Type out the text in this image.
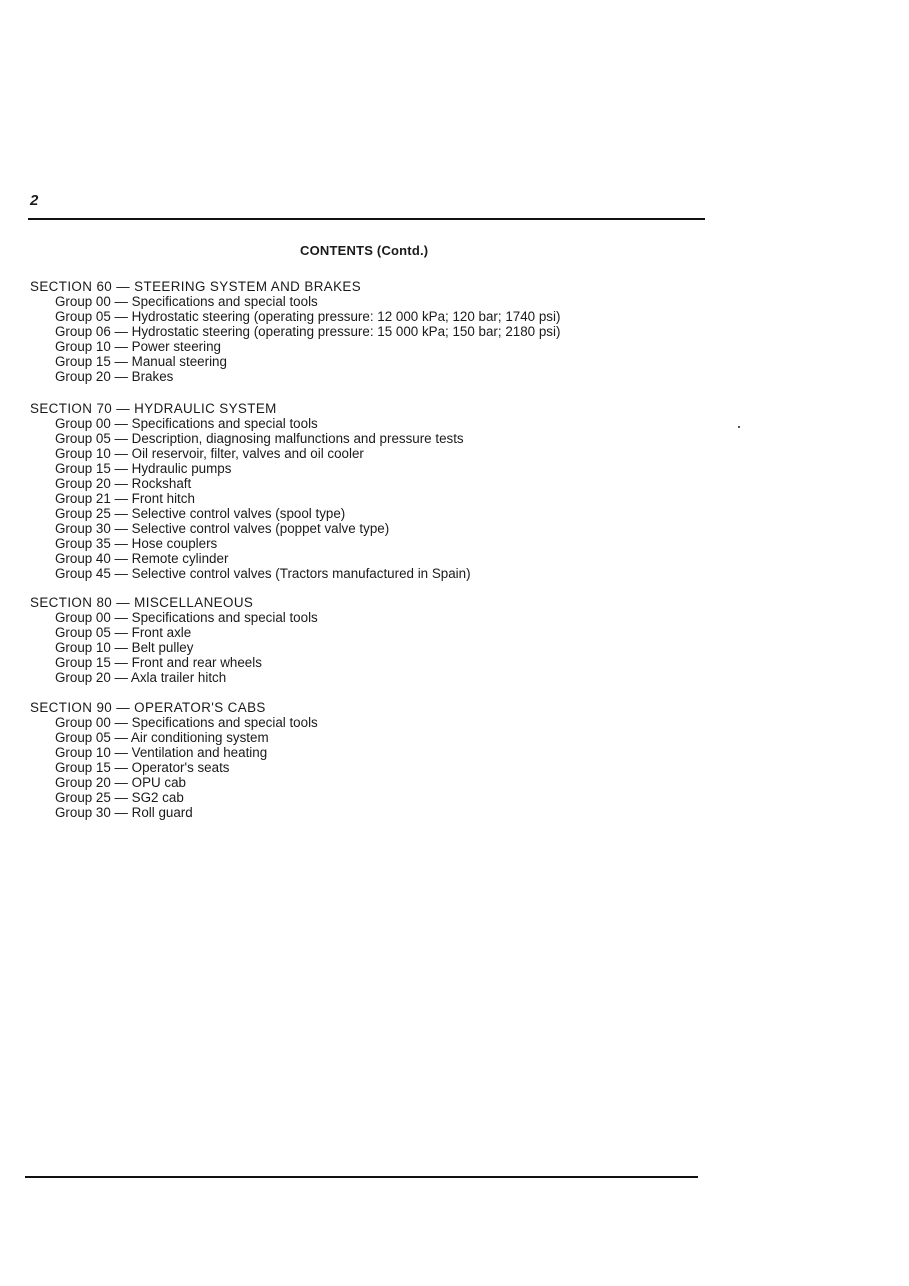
2
CONTENTS (Contd.)
SECTION 60 — STEERING SYSTEM AND BRAKES
Group 00 — Specifications and special tools
Group 05 — Hydrostatic steering (operating pressure: 12 000 kPa; 120 bar; 1740 psi)
Group 06 — Hydrostatic steering (operating pressure: 15 000 kPa; 150 bar; 2180 psi)
Group 10 — Power steering
Group 15 — Manual steering
Group 20 — Brakes
SECTION 70 — HYDRAULIC SYSTEM
Group 00 — Specifications and special tools
Group 05 — Description, diagnosing malfunctions and pressure tests
Group 10 — Oil reservoir, filter, valves and oil cooler
Group 15 — Hydraulic pumps
Group 20 — Rockshaft
Group 21 — Front hitch
Group 25 — Selective control valves (spool type)
Group 30 — Selective control valves (poppet valve type)
Group 35 — Hose couplers
Group 40 — Remote cylinder
Group 45 — Selective control valves (Tractors manufactured in Spain)
SECTION 80 — MISCELLANEOUS
Group 00 — Specifications and special tools
Group 05 — Front axle
Group 10 — Belt pulley
Group 15 — Front and rear wheels
Group 20 — Axla trailer hitch
SECTION 90 — OPERATOR'S CABS
Group 00 — Specifications and special tools
Group 05 — Air conditioning system
Group 10 — Ventilation and heating
Group 15 — Operator's seats
Group 20 — OPU cab
Group 25 — SG2 cab
Group 30 — Roll guard
